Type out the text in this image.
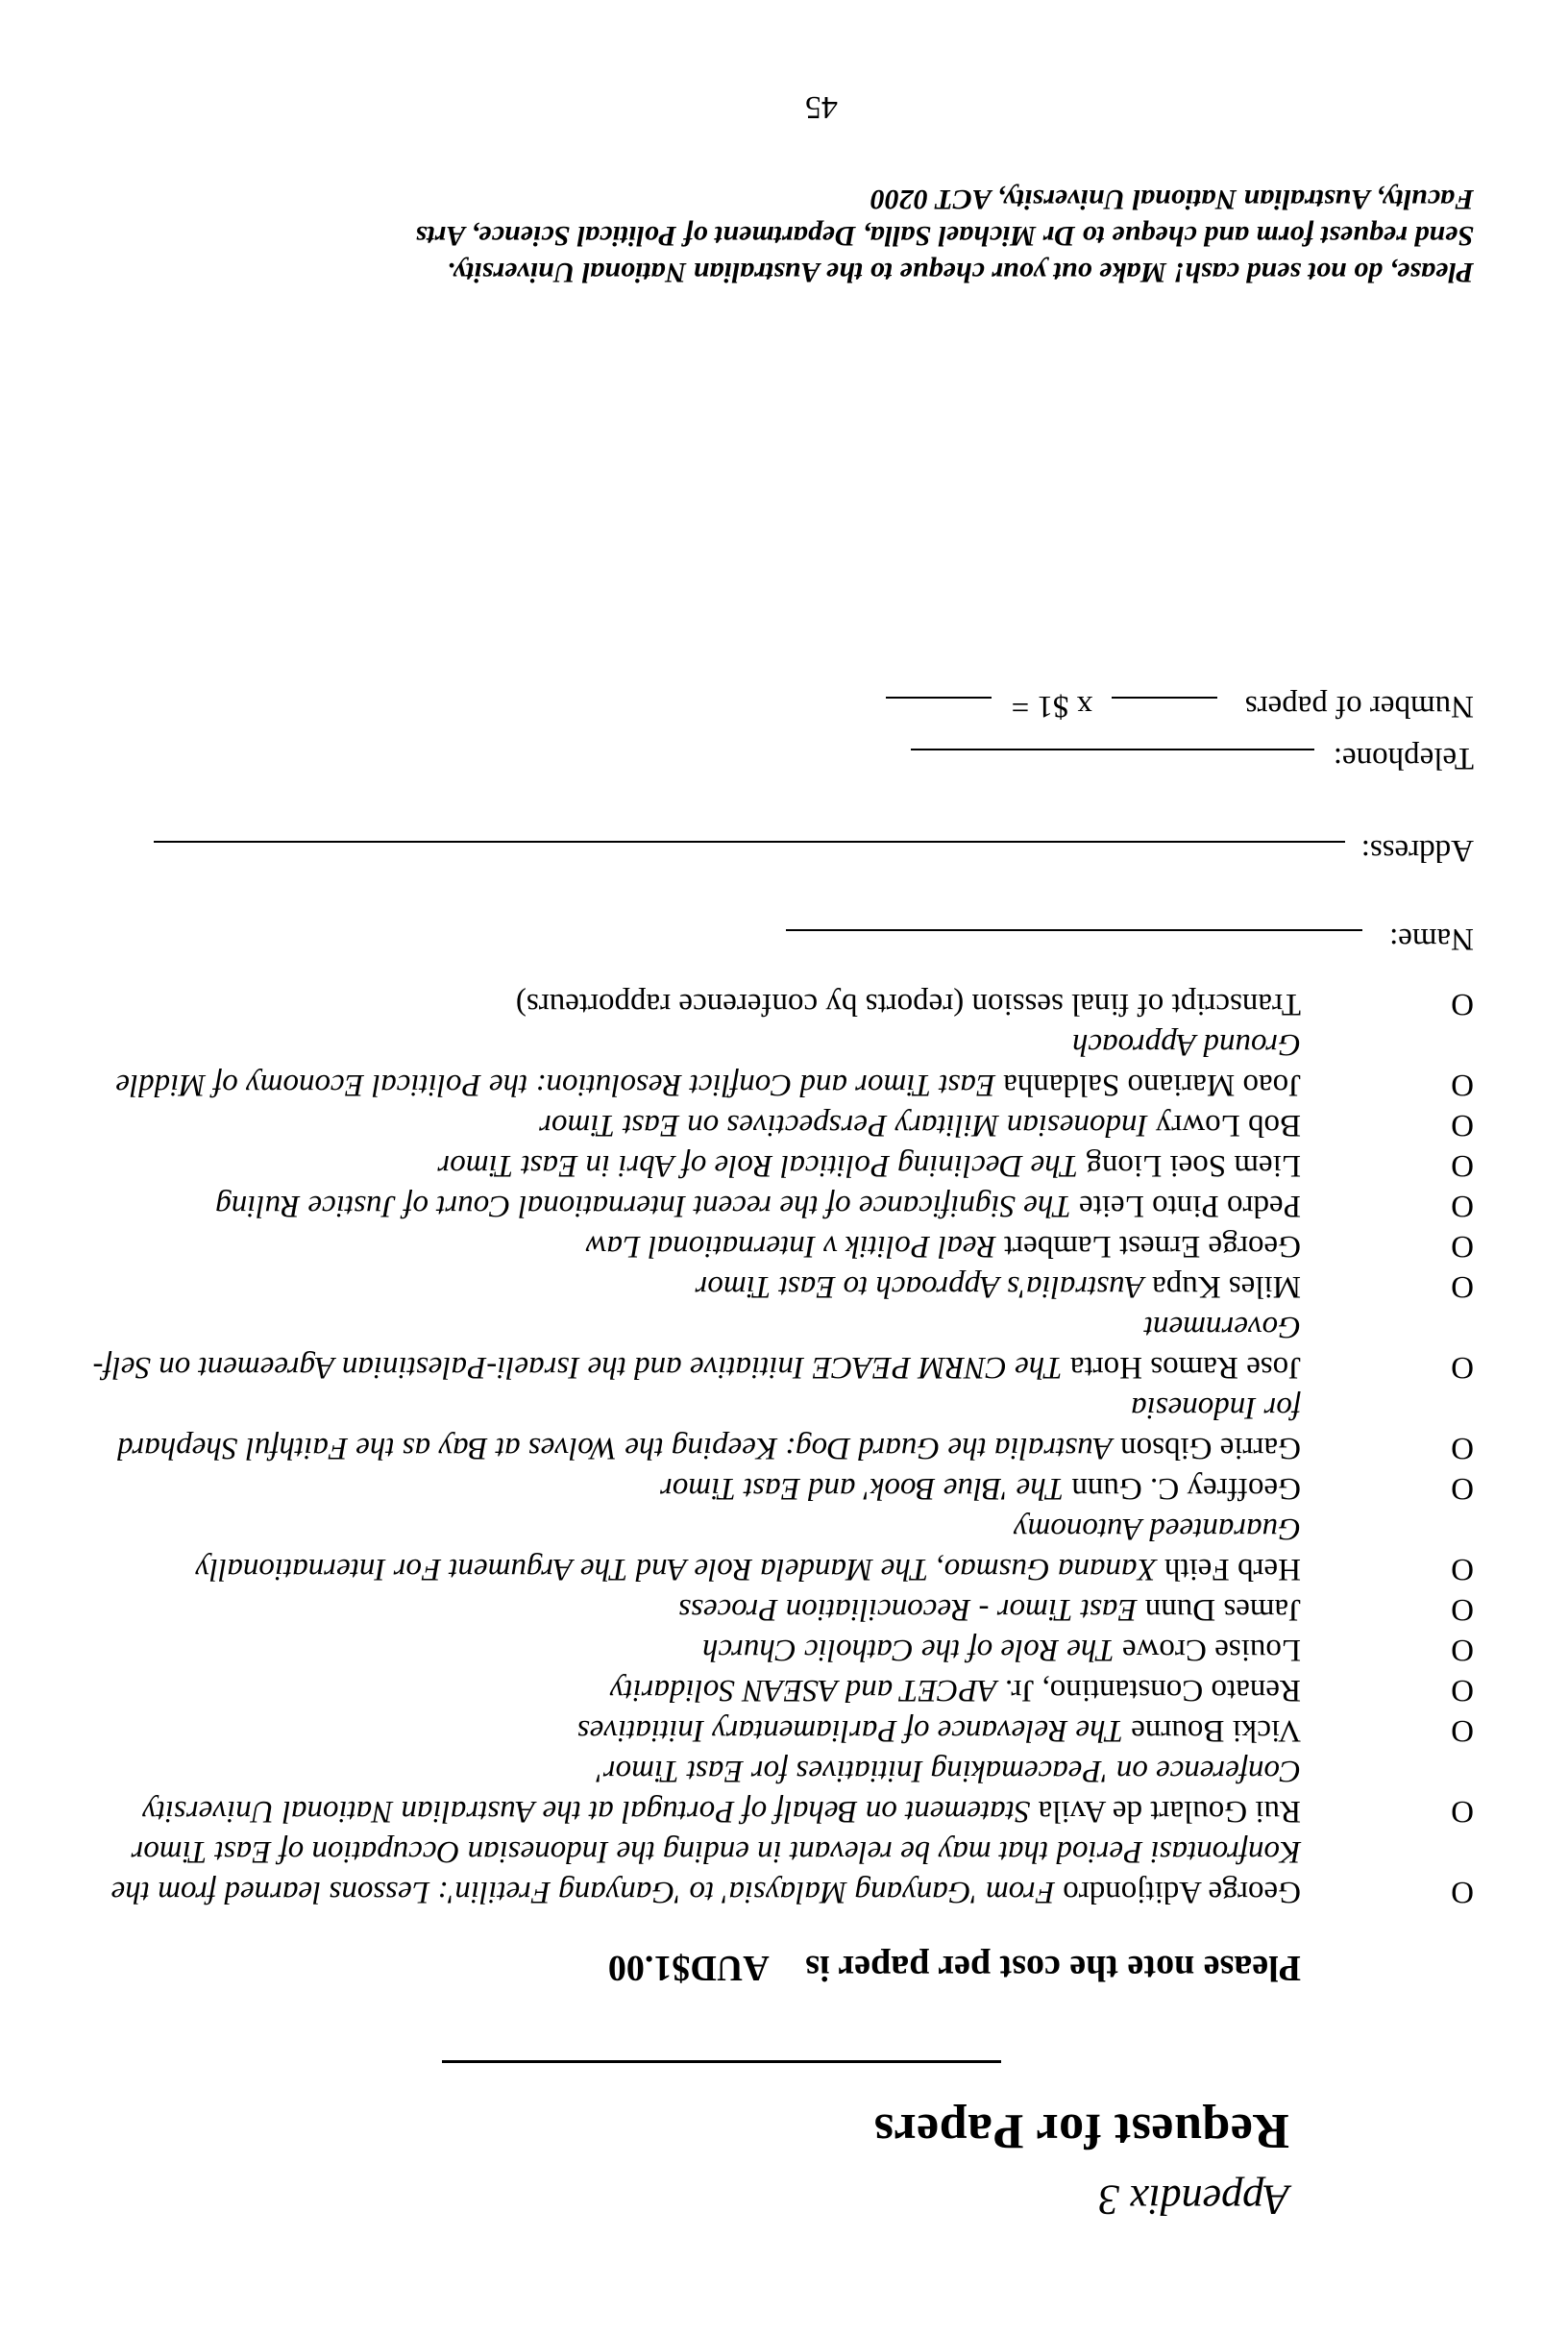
Appendix 3
Request for Papers
Please note the cost per paper is AUD$1.00
O
George Aditjondro From 'Ganyang Malaysia' to 'Ganyang Fretilin': Lessons learned from the Konfrontasi Period that may be relevant in ending the Indonesian Occupation of East Timor
O
Rui Goulart de Avila Statement on Behalf of Portugal at the Australian National University Conference on 'Peacemaking Initiatives for East Timor'
O
Vicki Bourne The Relevance of Parliamentary Initiatives
O
Renato Constantino, Jr. APCET and ASEAN Solidarity
O
Louise Crowe The Role of the Catholic Church
O
James Dunn East Timor - Reconciliation Process
O
Herb Feith Xanana Gusmao, The Mandela Role And The Argument For Internationally Guaranteed Autonomy
O
Geoffrey C. Gunn The 'Blue Book' and East Timor
O
Garrie Gibson Australia the Guard Dog: Keeping the Wolves at Bay as the Faithful Shephard for Indonesia
O
Jose Ramos Horta The CNRM PEACE Initiative and the Israeli-Palestinian Agreement on Self-Government
O
Miles Kupa Australia's Approach to East Timor
O
George Ernest Lambert Real Politik v International Law
O
Pedro Pinto Leite The Significance of the recent International Court of Justice Ruling
O
Liem Soei Liong The Declining Political Role of Abri in East Timor
O
Bob Lowry Indonesian Military Perspectives on East Timor
O
Joao Mariano Saldanha East Timor and Conflict Resolution: the Political Economy of Middle Ground Approach
O
Transcript of final session (reports by conference rapporteurs)
Name:
Address:
Telephone:
Number of papers  x $1 =
Please, do not send cash! Make out your cheque to the Australian National University.
Send request form and cheque to Dr Michael Salla, Department of Political Science, Arts
Faculty, Australian National University, ACT 0200
45
